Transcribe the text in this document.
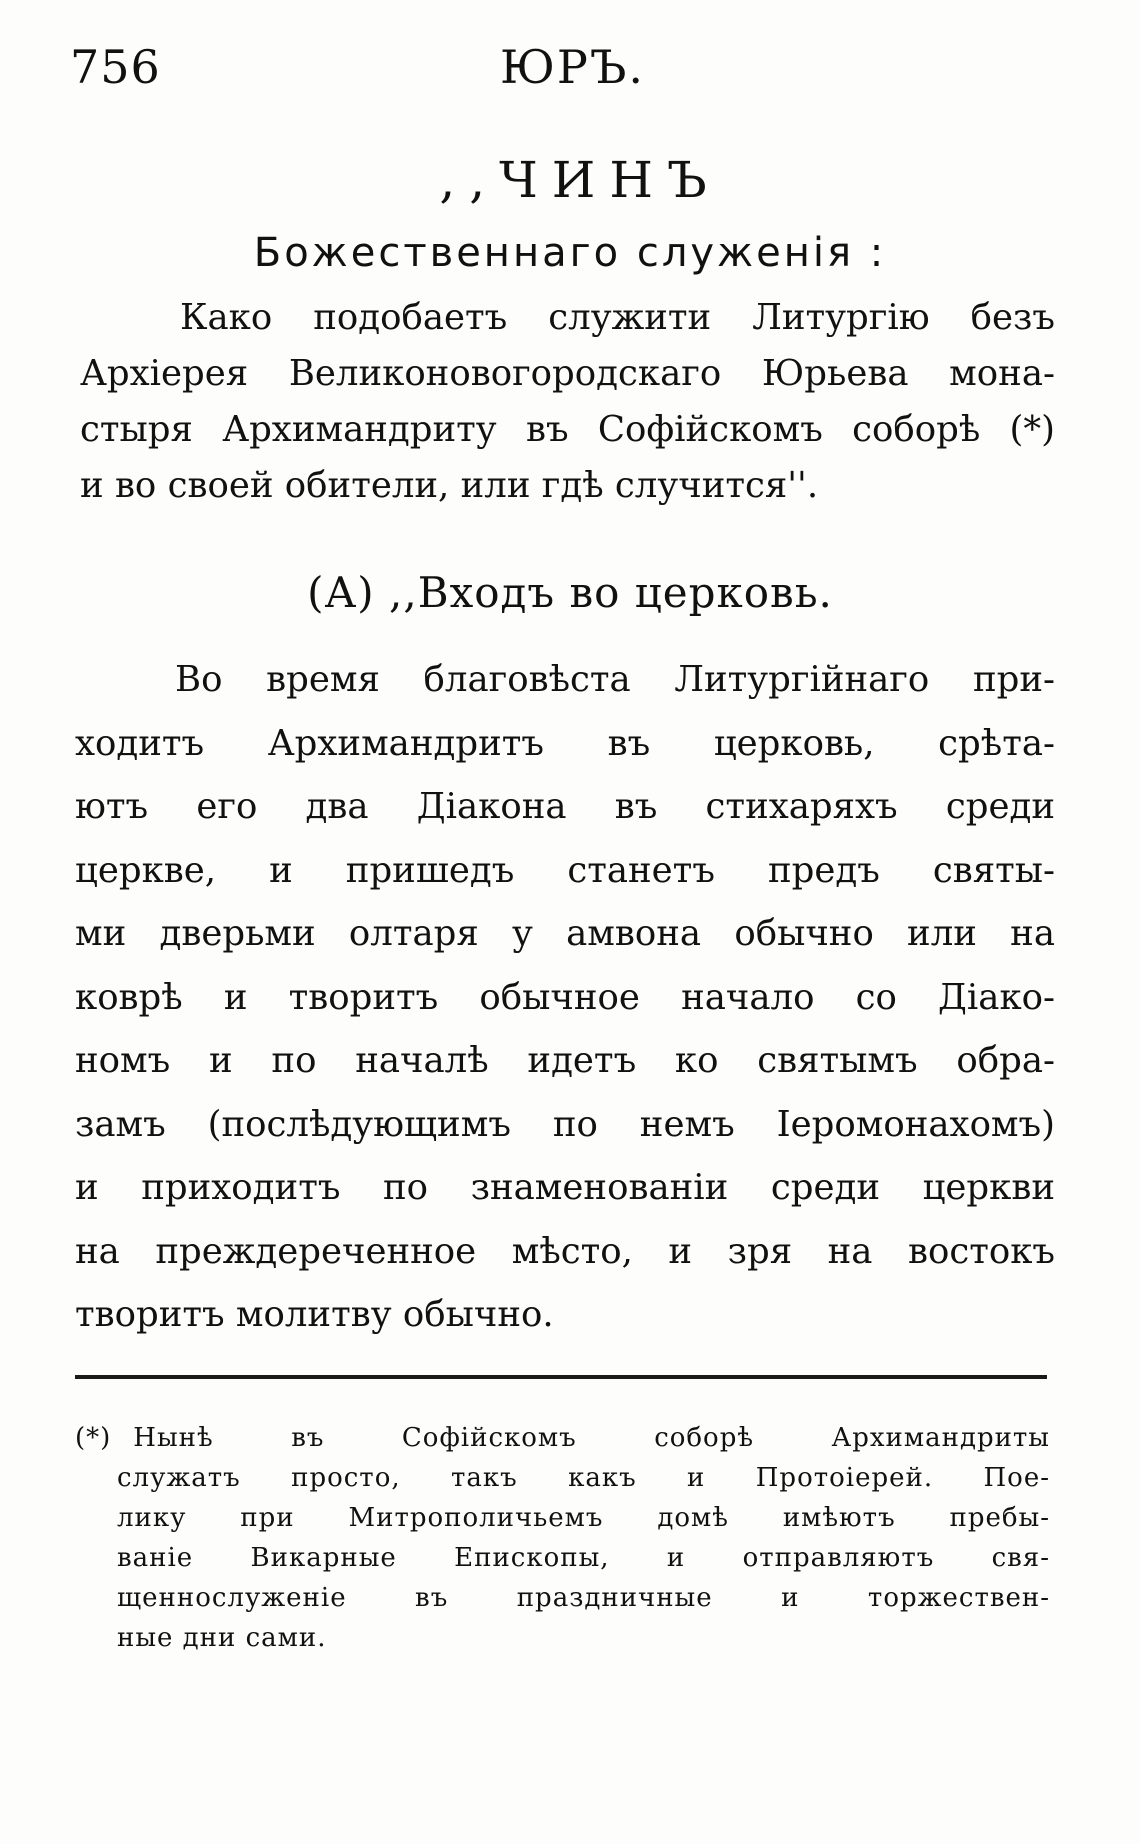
756	ЮРЪ.
,,ЧИНЪ
Божественнаго служенія :
Како подобаетъ служити Литургію безъ
Архіерея Великоновогородскаго Юрьева мона-
стыря Архимандриту въ Софійскомъ соборѣ (*)
и во своей обители, или гдѣ случится''.
(А) ,,Входъ во церковь.
Во время благовѣста Литургійнаго при-
ходитъ Архимандритъ въ церковь, срѣта-
ютъ его два Діакона въ стихаряхъ среди
церкве, и пришедъ станетъ предъ святы-
ми дверьми олтаря у амвона обычно или на
коврѣ и творитъ обычное начало со Діако-
номъ и по началѣ идетъ ко святымъ обра-
замъ (послѣдующимъ по немъ Іеромонахомъ)
и приходитъ по знаменованіи среди церкви
на преждереченное мѣсто, и зря на востокъ
творитъ молитву обычно.
(*) Нынѣ въ Софійскомъ соборѣ Архимандриты
служатъ просто, такъ какъ и Протоіерей. Пое-
лику при Митрополичьемъ домѣ имѣютъ пребы-
ваніе Викарные Епископы, и отправляютъ свя-
щеннослуженіе въ праздничные и торжествен-
ные дни сами.
